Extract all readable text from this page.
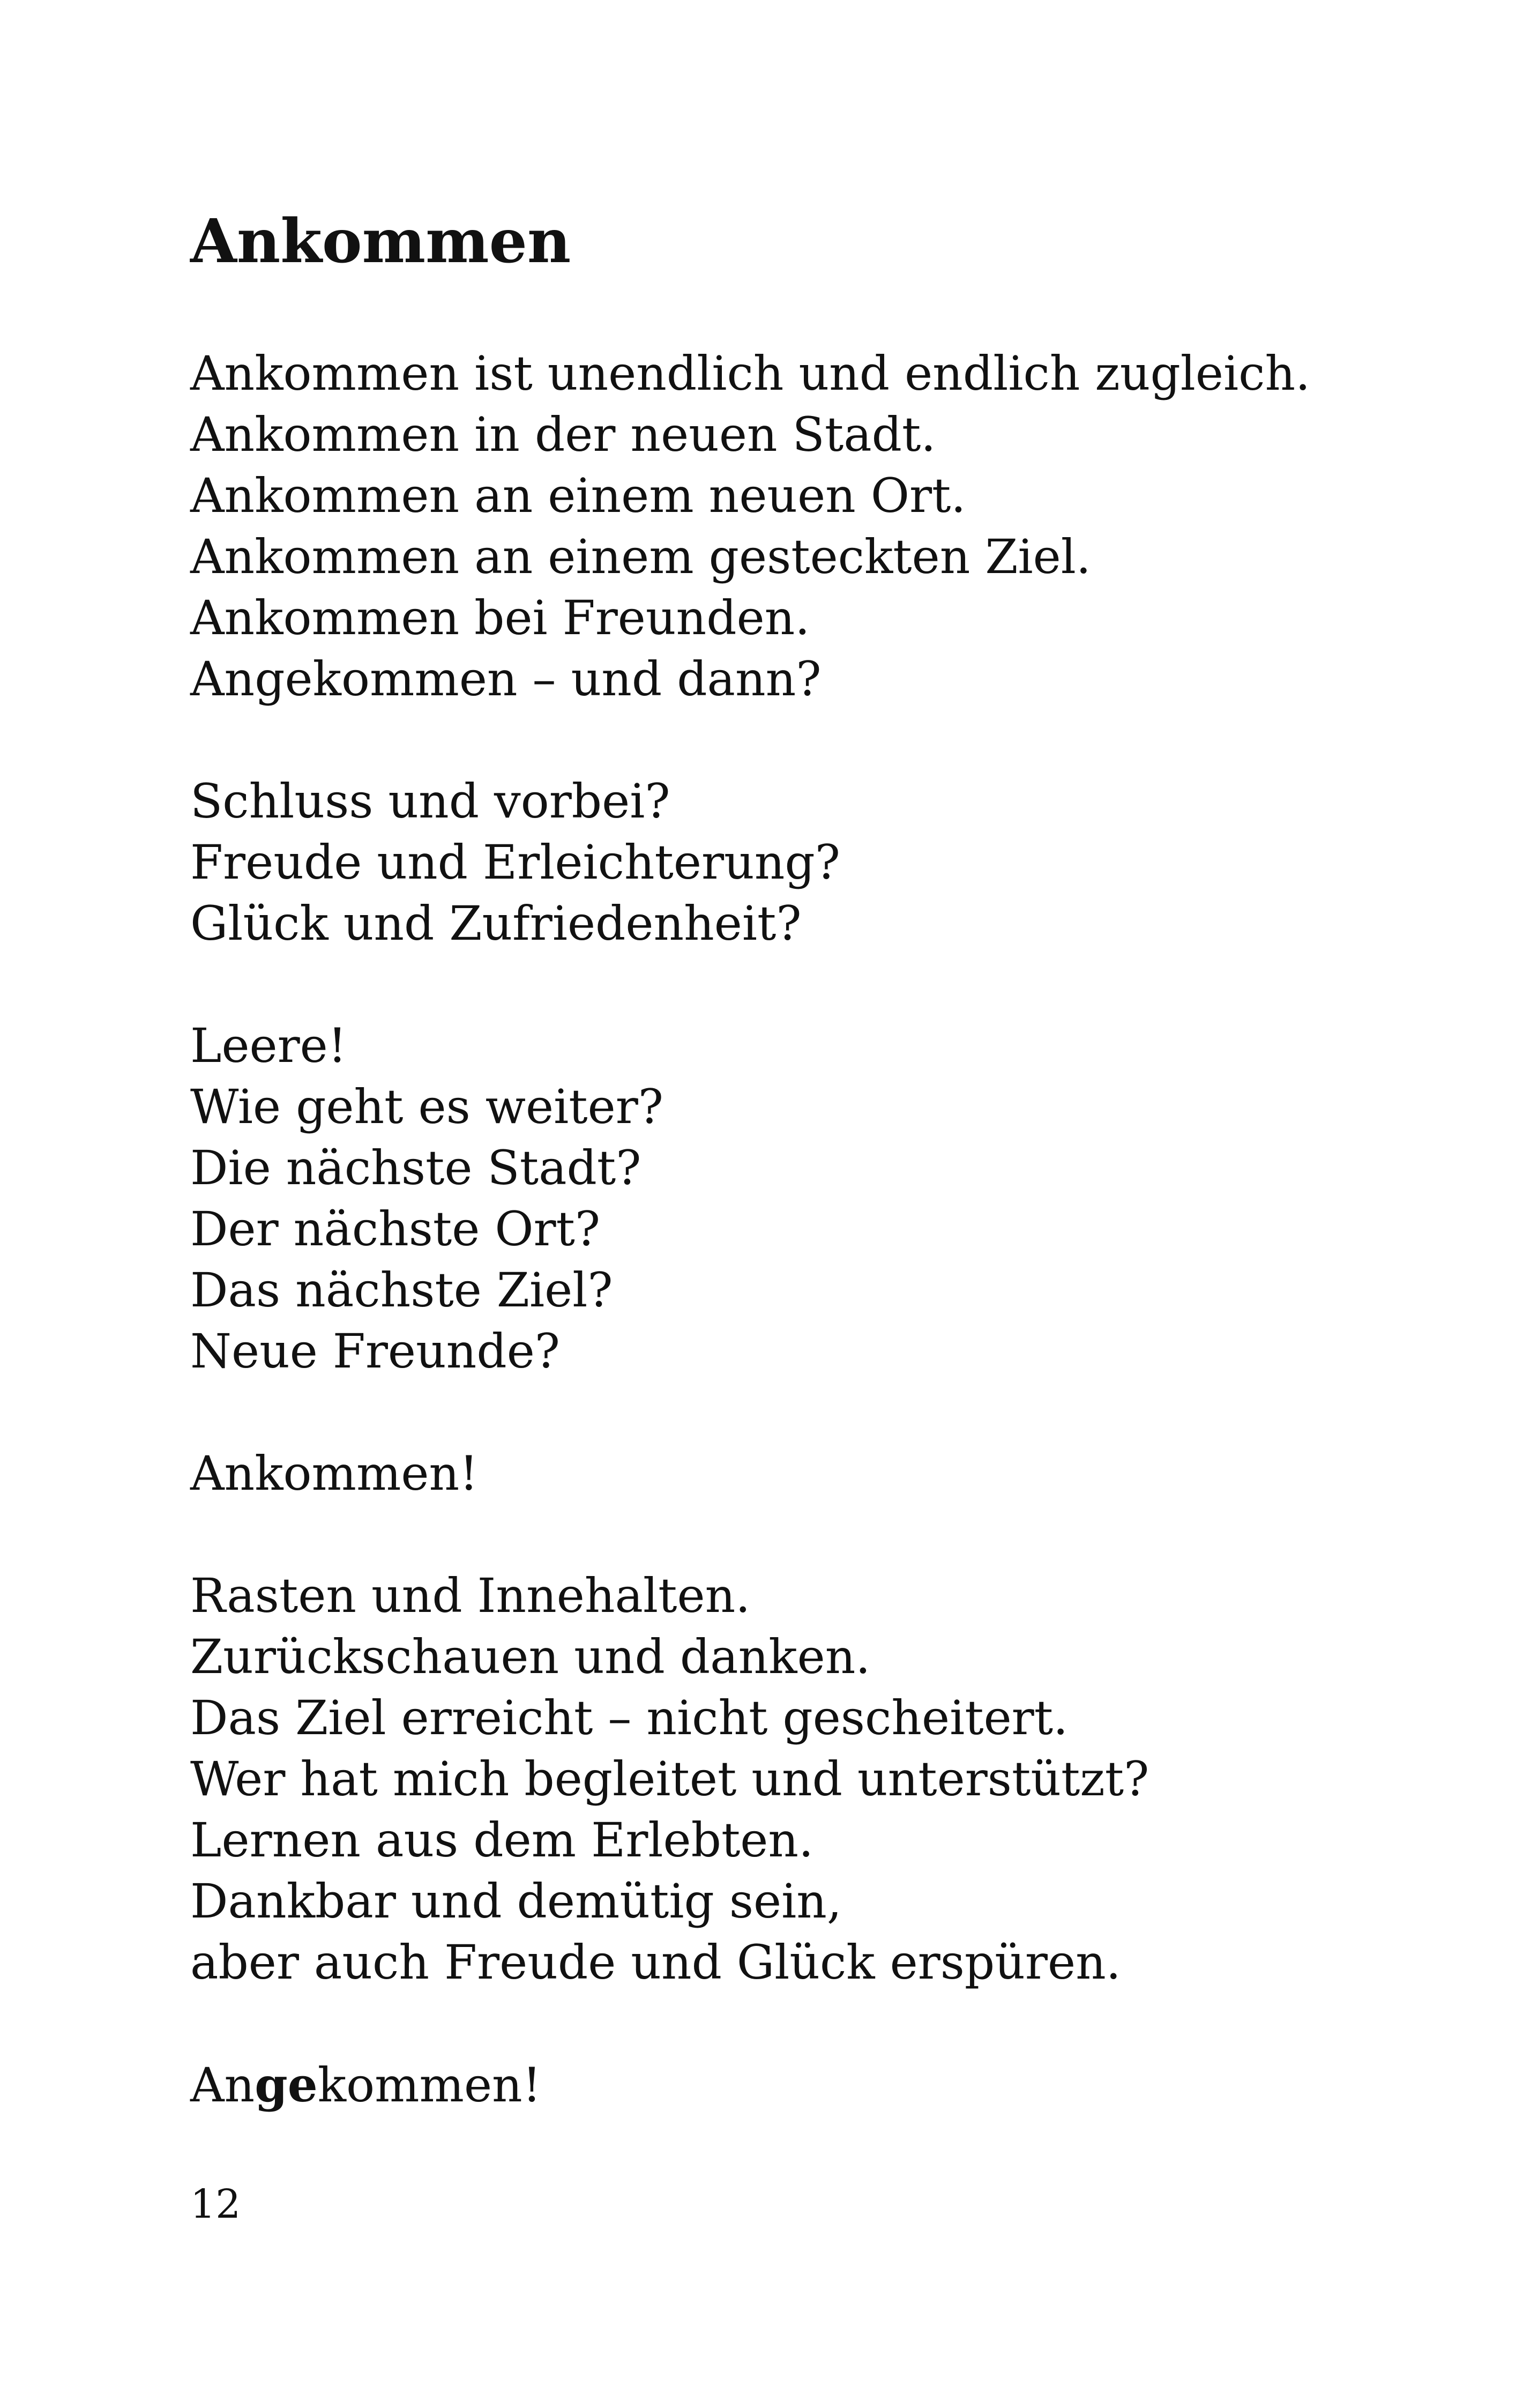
Ankommen
Ankommen ist unendlich und endlich zugleich.
Ankommen in der neuen Stadt.
Ankommen an einem neuen Ort.
Ankommen an einem gesteckten Ziel.
Ankommen bei Freunden.
Angekommen – und dann?
Schluss und vorbei?
Freude und Erleichterung?
Glück und Zufriedenheit?
Leere!
Wie geht es weiter?
Die nächste Stadt?
Der nächste Ort?
Das nächste Ziel?
Neue Freunde?
Ankommen!
Rasten und Innehalten.
Zurückschauen und danken.
Das Ziel erreicht – nicht gescheitert.
Wer hat mich begleitet und unterstützt?
Lernen aus dem Erlebten.
Dankbar und demütig sein,
aber auch Freude und Glück erspüren.
Angekommen!
12
